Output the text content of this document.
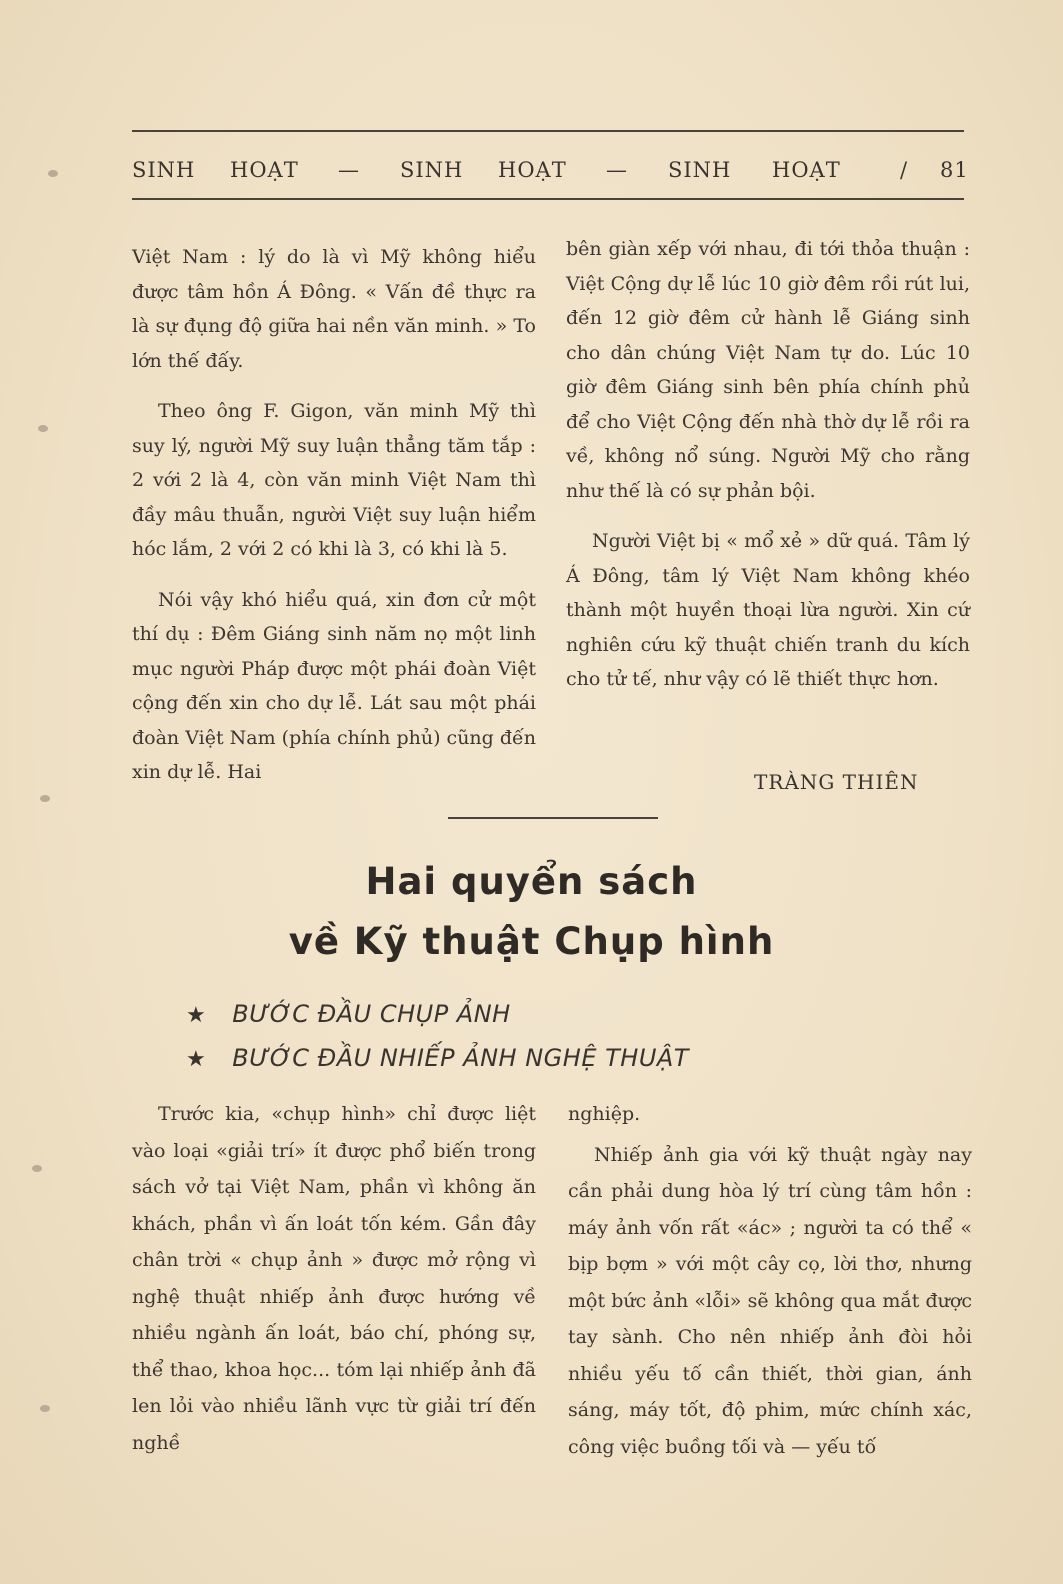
SINH HOẠT — SINH HOẠT — SINH HOẠT	/ 81

Việt Nam : lý do là vì Mỹ không hiểu được tâm hồn Á Đông. « Vấn đề thực ra là sự đụng độ giữa hai nền văn minh. » To lớn thế đấy.

Theo ông F. Gigon, văn minh Mỹ thì suy lý, người Mỹ suy luận thẳng tăm tắp : 2 với 2 là 4, còn văn minh Việt Nam thì đầy mâu thuẫn, người Việt suy luận hiểm hóc lắm, 2 với 2 có khi là 3, có khi là 5.

Nói vậy khó hiểu quá, xin đơn cử một thí dụ : Đêm Giáng sinh năm nọ một linh mục người Pháp được một phái đoàn Việt cộng đến xin cho dự lễ. Lát sau một phái đoàn Việt Nam (phía chính phủ) cũng đến xin dự lễ. Hai

bên giàn xếp với nhau, đi tới thỏa thuận : Việt Cộng dự lễ lúc 10 giờ đêm rồi rút lui, đến 12 giờ đêm cử hành lễ Giáng sinh cho dân chúng Việt Nam tự do. Lúc 10 giờ đêm Giáng sinh bên phía chính phủ để cho Việt Cộng đến nhà thờ dự lễ rồi ra về, không nổ súng. Người Mỹ cho rằng như thế là có sự phản bội.

Người Việt bị « mổ xẻ » dữ quá. Tâm lý Á Đông, tâm lý Việt Nam không khéo thành một huyền thoại lừa người. Xin cứ nghiên cứu kỹ thuật chiến tranh du kích cho tử tế, như vậy có lẽ thiết thực hơn.

TRÀNG THIÊN
Hai quyển sách
về Kỹ thuật Chụp hình
★ BƯỚC ĐẦU CHỤP ẢNH
★ BƯỚC ĐẦU NHIẾP ẢNH NGHỆ THUẬT

Trước kia, «chụp hình» chỉ được liệt vào loại «giải trí» ít được phổ biến trong sách vở tại Việt Nam, phần vì không ăn khách, phần vì ấn loát tốn kém. Gần đây chân trời « chụp ảnh » được mở rộng vì nghệ thuật nhiếp ảnh được hướng về nhiều ngành ấn loát, báo chí, phóng sự, thể thao, khoa học... tóm lại nhiếp ảnh đã len lỏi vào nhiều lãnh vực từ giải trí đến nghề

nghiệp.

Nhiếp ảnh gia với kỹ thuật ngày nay cần phải dung hòa lý trí cùng tâm hồn : máy ảnh vốn rất «ác» ; người ta có thể « bịp bợm » với một cây cọ, lời thơ, nhưng một bức ảnh «lỗi» sẽ không qua mắt được tay sành. Cho nên nhiếp ảnh đòi hỏi nhiều yếu tố cần thiết, thời gian, ánh sáng, máy tốt, độ phim, mức chính xác, công việc buồng tối và — yếu tố
